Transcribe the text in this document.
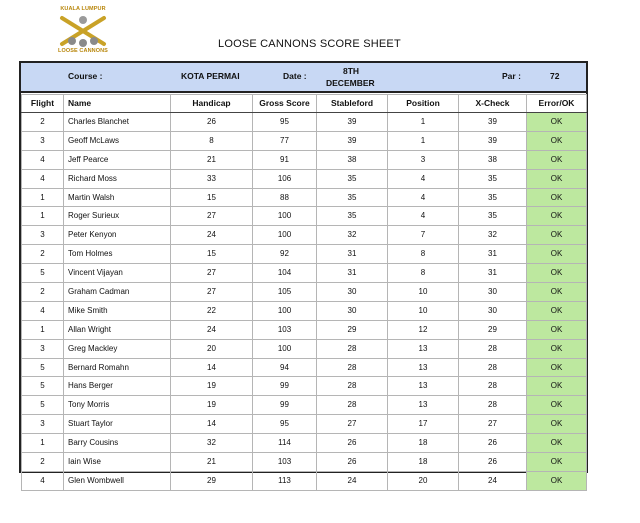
KUALA LUMPUR
LOOSE CANNONS
LOOSE CANNONS SCORE SHEET
Course :	KOTA PERMAI	Date :	8TH
DECEMBER
Par :	72
Flight	Name	Handicap	Gross Score	Stableford	Position	X-Check	Error/OK
2	Charles Blanchet	26	95	39	1	39	OK
3	Geoff McLaws	8	77	39	1	39	OK
4	Jeff Pearce	21	91	38	3	38	OK
4	Richard Moss	33	106	35	4	35	OK
1	Martin Walsh	15	88	35	4	35	OK
1	Roger Surieux	27	100	35	4	35	OK
3	Peter Kenyon	24	100	32	7	32	OK
2	Tom Holmes	15	92	31	8	31	OK
5	Vincent Vijayan	27	104	31	8	31	OK
2	Graham Cadman	27	105	30	10	30	OK
4	Mike Smith	22	100	30	10	30	OK
1	Allan Wright	24	103	29	12	29	OK
3	Greg Mackley	20	100	28	13	28	OK
5	Bernard Romahn	14	94	28	13	28	OK
5	Hans Berger	19	99	28	13	28	OK
5	Tony Morris	19	99	28	13	28	OK
3	Stuart Taylor	14	95	27	17	27	OK
1	Barry Cousins	32	114	26	18	26	OK
2	Iain Wise	21	103	26	18	26	OK
4	Glen Wombwell	29	113	24	20	24	OK
